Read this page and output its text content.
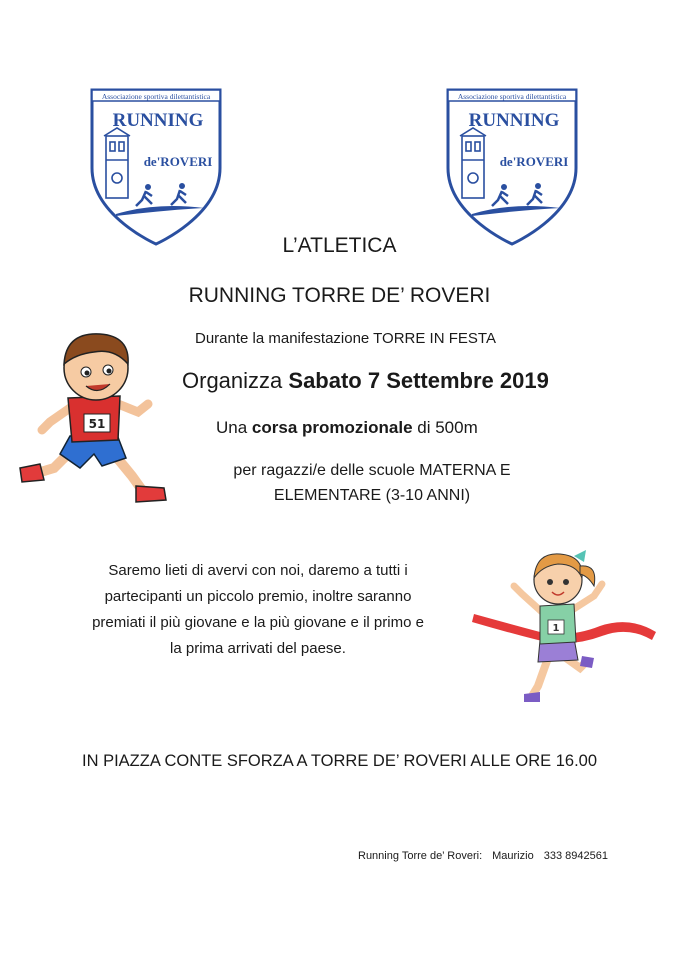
Associazione sportiva dilettantistica
RUNNING
de'ROVERI
Associazione sportiva dilettantistica
RUNNING
de'ROVERI
L’ATLETICA
RUNNING TORRE DE’ ROVERI
Durante la manifestazione TORRE IN FESTA
Organizza Sabato 7 Settembre 2019
Una corsa promozionale di 500m
per ragazzi/e delle scuole MATERNA E
ELEMENTARE (3-10 ANNI)
Saremo lieti di avervi con noi, daremo a tutti i
partecipanti un piccolo premio, inoltre saranno
premiati il più giovane e la più giovane e il primo e
la prima arrivati del paese.
IN PIAZZA CONTE SFORZA A TORRE DE’ ROVERI ALLE ORE 16.00
Running Torre de’ Roveri: Maurizio 333 8942561
51
1
